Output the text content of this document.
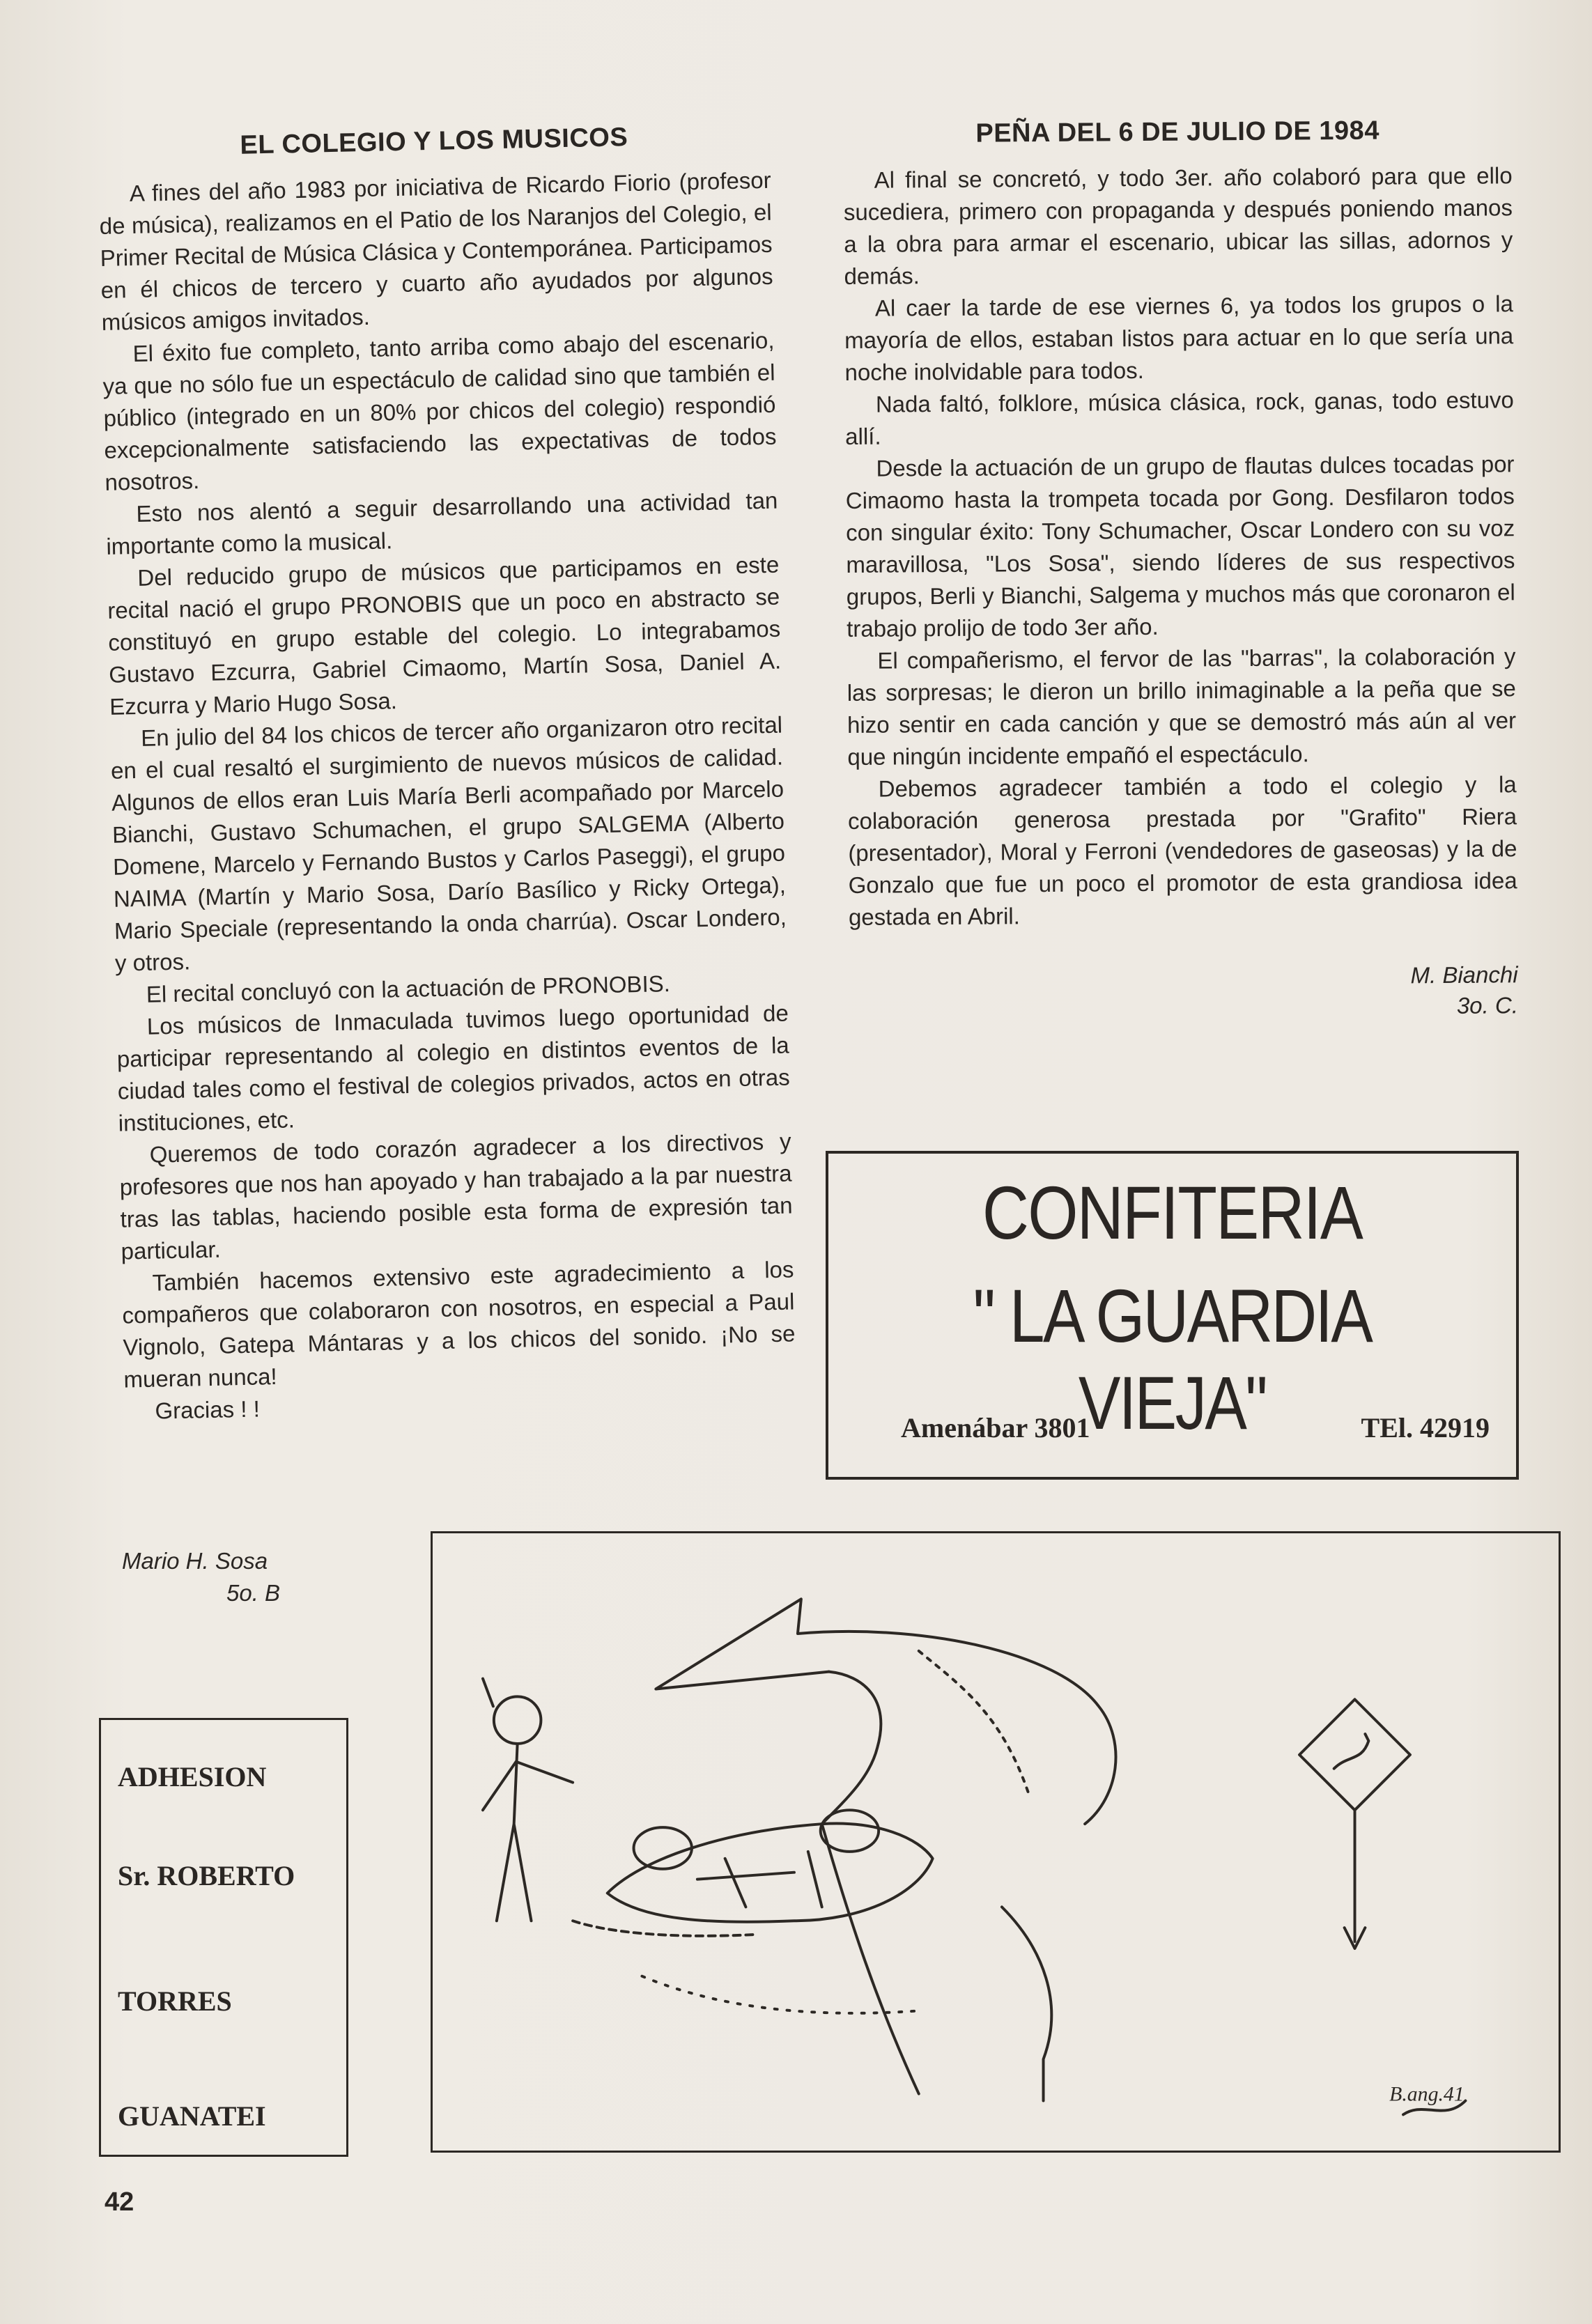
EL COLEGIO Y LOS MUSICOS

A fines del año 1983 por iniciativa de Ricardo Fiorio (profesor de música), realizamos en el Patio de los Naranjos del Colegio, el Primer Recital de Música Clásica y Contemporánea. Participamos en él chicos de tercero y cuarto año ayudados por algunos músicos amigos invitados.

El éxito fue completo, tanto arriba como abajo del escenario, ya que no sólo fue un espectáculo de calidad sino que también el público (integrado en un 80% por chicos del colegio) respondió excepcionalmente satisfaciendo las expectativas de todos nosotros.

Esto nos alentó a seguir desarrollando una actividad tan importante como la musical.

Del reducido grupo de músicos que participamos en este recital nació el grupo PRONOBIS que un poco en abstracto se constituyó en grupo estable del colegio. Lo integrabamos Gustavo Ezcurra, Gabriel Cimaomo, Martín Sosa, Daniel A. Ezcurra y Mario Hugo Sosa.

En julio del 84 los chicos de tercer año organizaron otro recital en el cual resaltó el surgimiento de nuevos músicos de calidad. Algunos de ellos eran Luis María Berli acompañado por Marcelo Bianchi, Gustavo Schumachen, el grupo SALGEMA (Alberto Domene, Marcelo y Fernando Bustos y Carlos Paseggi), el grupo NAIMA (Martín y Mario Sosa, Darío Basílico y Ricky Ortega), Mario Speciale (representando la onda charrúa). Oscar Londero, y otros.

El recital concluyó con la actuación de PRONOBIS.

Los músicos de Inmaculada tuvimos luego oportunidad de participar representando al colegio en distintos eventos de la ciudad tales como el festival de colegios privados, actos en otras instituciones, etc.

Queremos de todo corazón agradecer a los directivos y profesores que nos han apoyado y han trabajado a la par nuestra tras las tablas, haciendo posible esta forma de expresión tan particular.

También hacemos extensivo este agradecimiento a los compañeros que colaboraron con nosotros, en especial a Paul Vignolo, Gatepa Mántaras y a los chicos del sonido. ¡No se mueran nunca!

Gracias ! !

Mario H. Sosa
5o. B
PEÑA DEL 6 DE JULIO DE 1984

Al final se concretó, y todo 3er. año colaboró para que ello sucediera, primero con propaganda y después poniendo manos a la obra para armar el escenario, ubicar las sillas, adornos y demás.

Al caer la tarde de ese viernes 6, ya todos los grupos o la mayoría de ellos, estaban listos para actuar en lo que sería una noche inolvidable para todos.

Nada faltó, folklore, música clásica, rock, ganas, todo estuvo allí.

Desde la actuación de un grupo de flautas dulces tocadas por Cimaomo hasta la trompeta tocada por Gong. Desfilaron todos con singular éxito: Tony Schumacher, Oscar Londero con su voz maravillosa, "Los Sosa", siendo líderes de sus respectivos grupos, Berli y Bianchi, Salgema y muchos más que coronaron el trabajo prolijo de todo 3er año.

El compañerismo, el fervor de las "barras", la colaboración y las sorpresas; le dieron un brillo inimaginable a la peña que se hizo sentir en cada canción y que se demostró más aún al ver que ningún incidente empañó el espectáculo.

Debemos agradecer también a todo el colegio y la colaboración generosa prestada por "Grafito" Riera (presentador), Moral y Ferroni (vendedores de gaseosas) y la de Gonzalo que fue un poco el promotor de esta grandiosa idea gestada en Abril.

M. Bianchi
3o. C.
CONFITERIA
" LA GUARDIA VIEJA"
Amenábar 3801	TEl. 42919
ADHESION
Sr. ROBERTO
TORRES
GUANATEI
B.ang.41
42
